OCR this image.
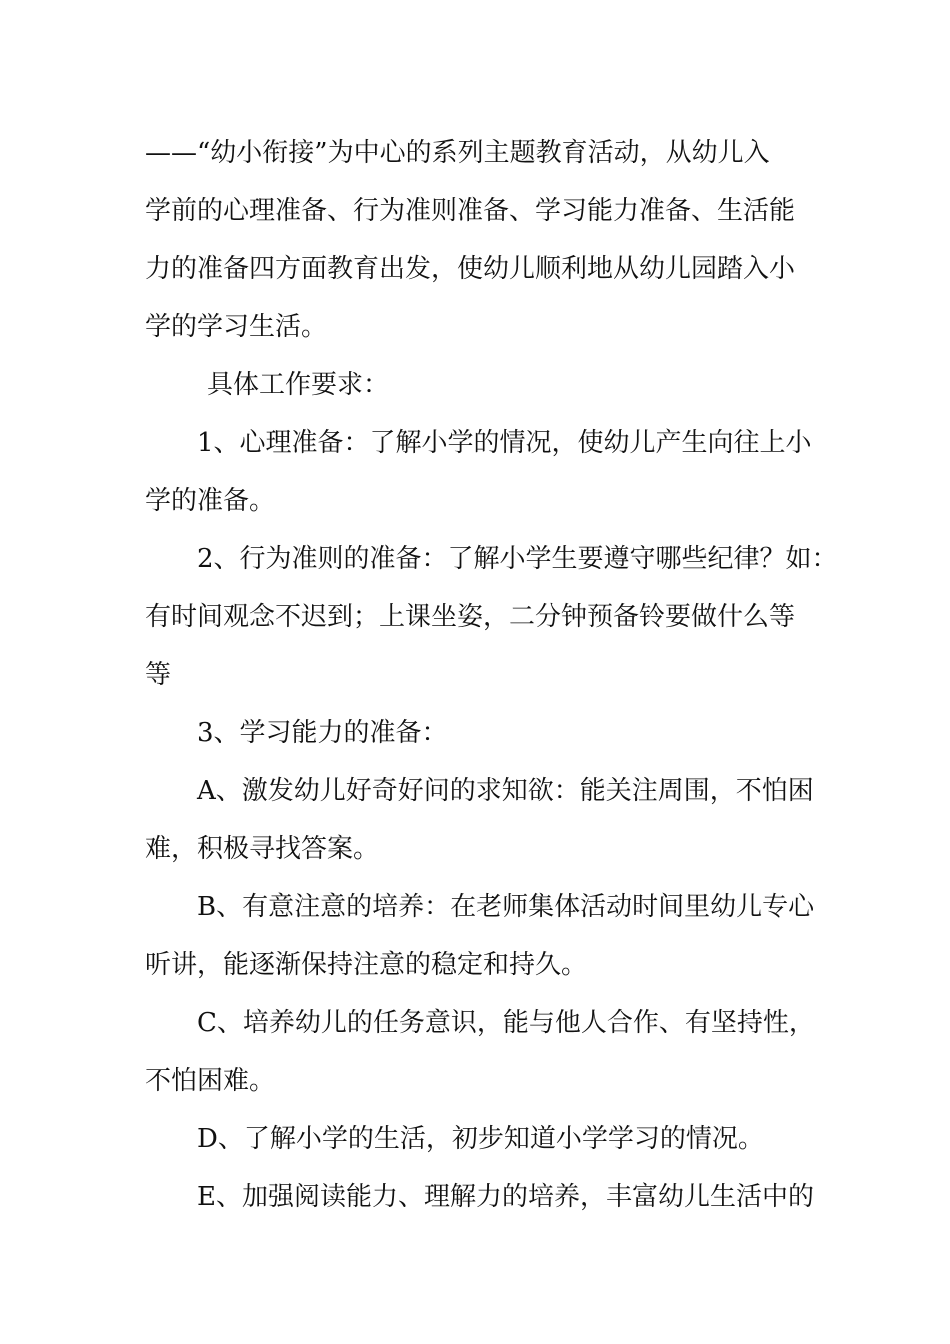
——“幼小衔接”为中心的系列主题教育活动，从幼儿入
学前的心理准备、行为准则准备、学习能力准备、生活能
力的准备四方面教育出发，使幼儿顺利地从幼儿园踏入小
学的学习生活。
具体工作要求：
1、心理准备：了解小学的情况，使幼儿产生向往上小
学的准备。
2、行为准则的准备：了解小学生要遵守哪些纪律？如：
有时间观念不迟到；上课坐姿，二分钟预备铃要做什么等
等
3、学习能力的准备：
A、激发幼儿好奇好问的求知欲：能关注周围，不怕困
难，积极寻找答案。
B、有意注意的培养：在老师集体活动时间里幼儿专心
听讲，能逐渐保持注意的稳定和持久。
C、培养幼儿的任务意识，能与他人合作、有坚持性，
不怕困难。
D、了解小学的生活，初步知道小学学习的情况。
E、加强阅读能力、理解力的培养，丰富幼儿生活中的
